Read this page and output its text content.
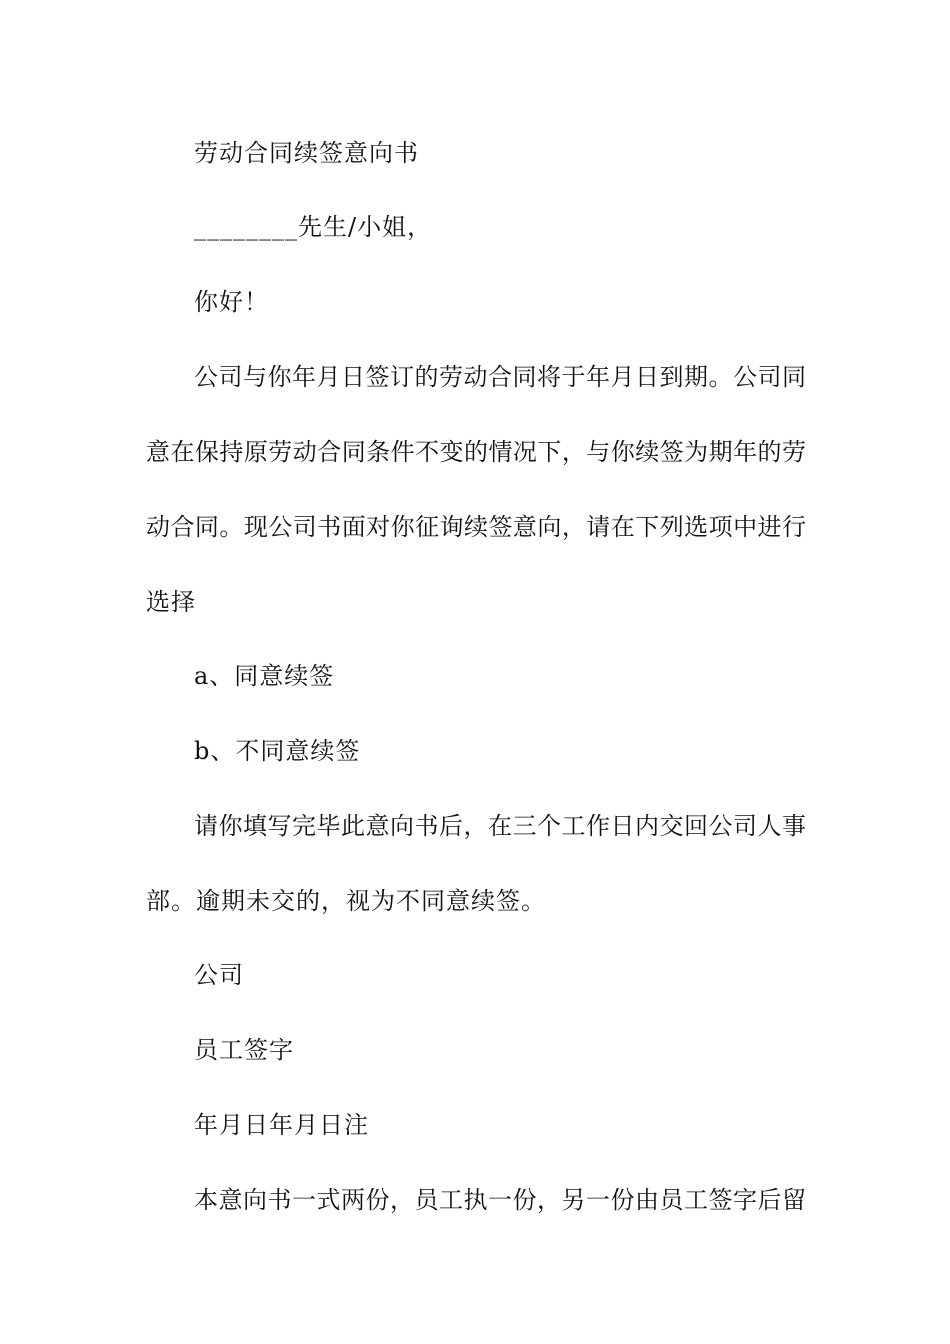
劳动合同续签意向书
________先生/小姐，
你好！
公司与你年月日签订的劳动合同将于年月日到期。公司同
意在保持原劳动合同条件不变的情况下，与你续签为期年的劳
动合同。现公司书面对你征询续签意向，请在下列选项中进行
选择
a、同意续签
b、不同意续签
请你填写完毕此意向书后，在三个工作日内交回公司人事
部。逾期未交的，视为不同意续签。
公司
员工签字
年月日年月日注
本意向书一式两份，员工执一份，另一份由员工签字后留
